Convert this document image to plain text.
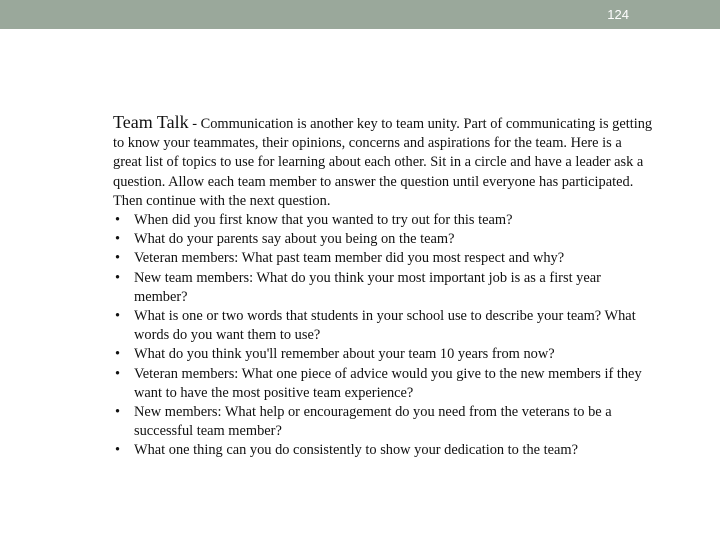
124

Team Talk - Communication is another key to team unity. Part of communicating is getting to know your teammates, their opinions, concerns and aspirations for the team. Here is a great list of topics to use for learning about each other. Sit in a circle and have a leader ask a question. Allow each team member to answer the question until everyone has participated. Then continue with the next question.

• When did you first know that you wanted to try out for this team?
• What do your parents say about you being on the team?
• Veteran members: What past team member did you most respect and why?
• New team members: What do you think your most important job is as a first year member?
• What is one or two words that students in your school use to describe your team? What words do you want them to use?
• What do you think you'll remember about your team 10 years from now?
• Veteran members: What one piece of advice would you give to the new members if they want to have the most positive team experience?
• New members: What help or encouragement do you need from the veterans to be a successful team member?
• What one thing can you do consistently to show your dedication to the team?
